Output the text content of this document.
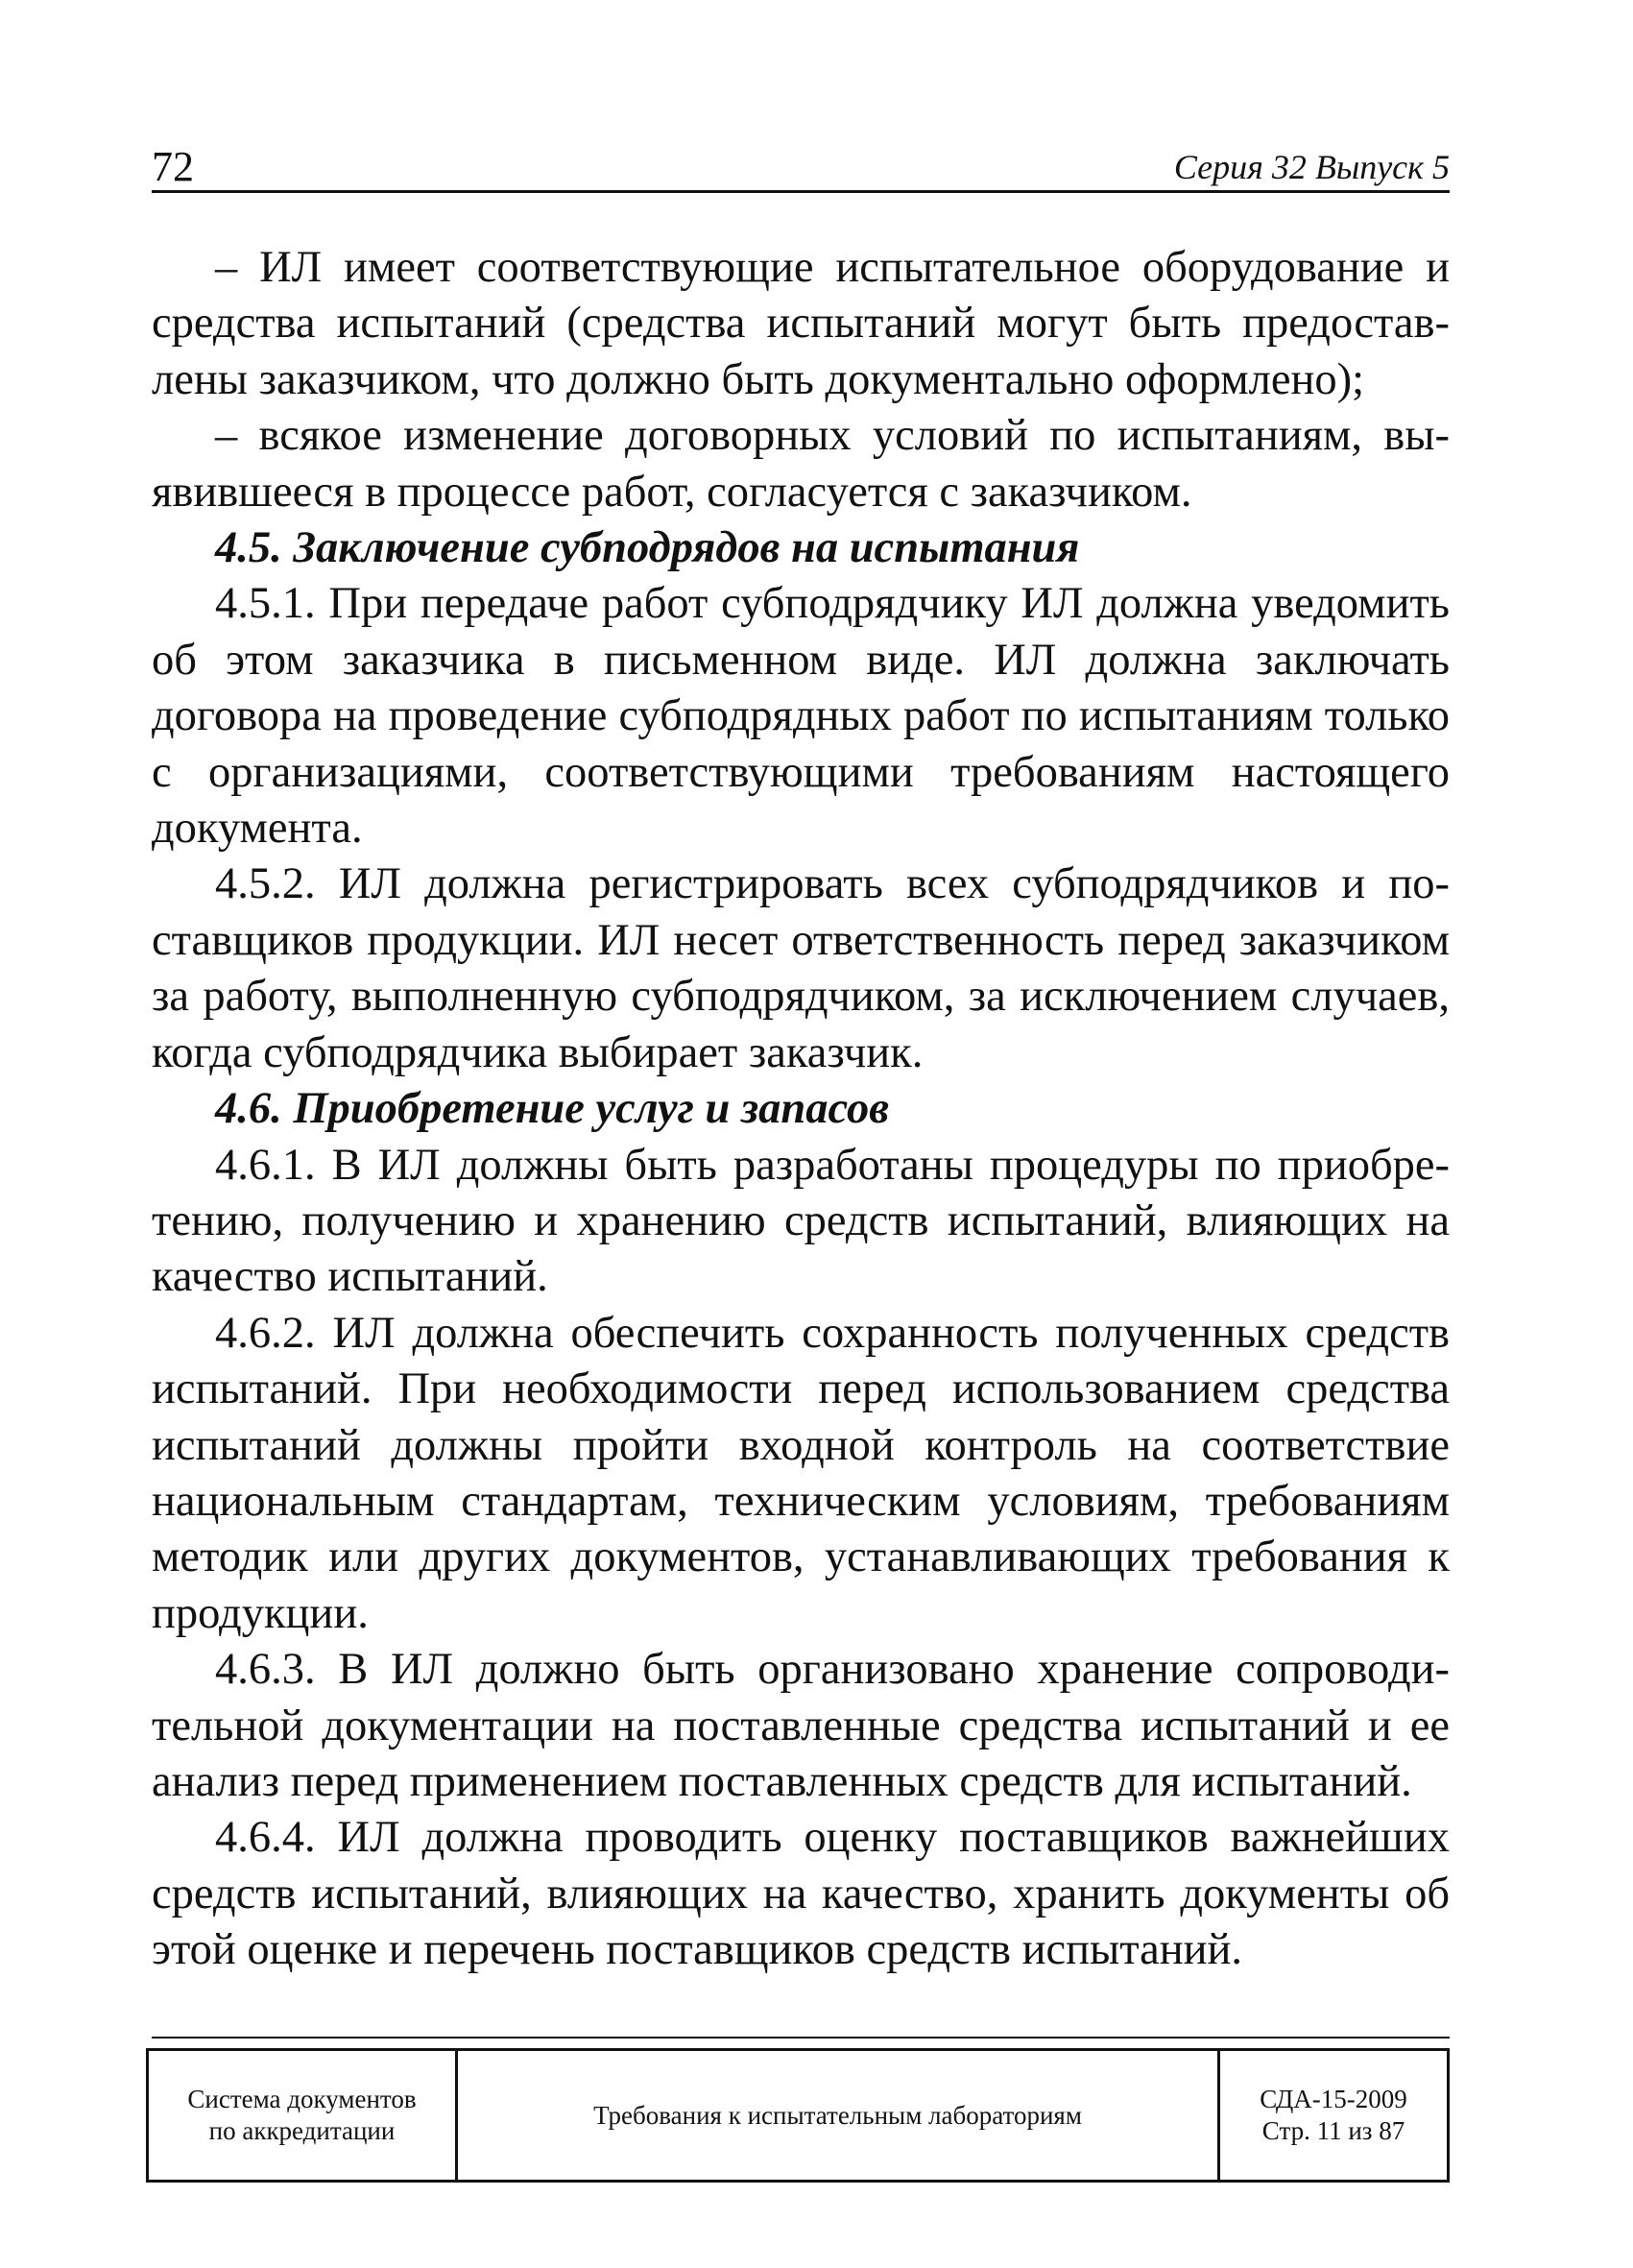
72	Серия 32 Выпуск 5

– ИЛ имеет соответствующие испытательное оборудование и средства испытаний (средства испытаний могут быть предоставлены заказчиком, что должно быть документально оформлено);

– всякое изменение договорных условий по испытаниям, выявившееся в процессе работ, согласуется с заказчиком.

4.5. Заключение субподрядов на испытания

4.5.1. При передаче работ субподрядчику ИЛ должна уведомить об этом заказчика в письменном виде. ИЛ должна заключать договора на проведение субподрядных работ по испытаниям только с организациями, соответствующими требованиям настоящего документа.

4.5.2. ИЛ должна регистрировать всех субподрядчиков и поставщиков продукции. ИЛ несет ответственность перед заказчиком за работу, выполненную субподрядчиком, за исключением случаев, когда субподрядчика выбирает заказчик.

4.6. Приобретение услуг и запасов

4.6.1. В ИЛ должны быть разработаны процедуры по приобретению, получению и хранению средств испытаний, влияющих на качество испытаний.

4.6.2. ИЛ должна обеспечить сохранность полученных средств испытаний. При необходимости перед использованием средства испытаний должны пройти входной контроль на соответствие национальным стандартам, техническим условиям, требованиям методик или других документов, устанавливающих требования к продукции.

4.6.3. В ИЛ должно быть организовано хранение сопроводительной документации на поставленные средства испытаний и ее анализ перед применением поставленных средств для испытаний.

4.6.4. ИЛ должна проводить оценку поставщиков важнейших средств испытаний, влияющих на качество, хранить документы об этой оценке и перечень поставщиков средств испытаний.

Система документов
по аккредитации
Требования к испытательным лабораториям
СДА-15-2009
Стр. 11 из 87
